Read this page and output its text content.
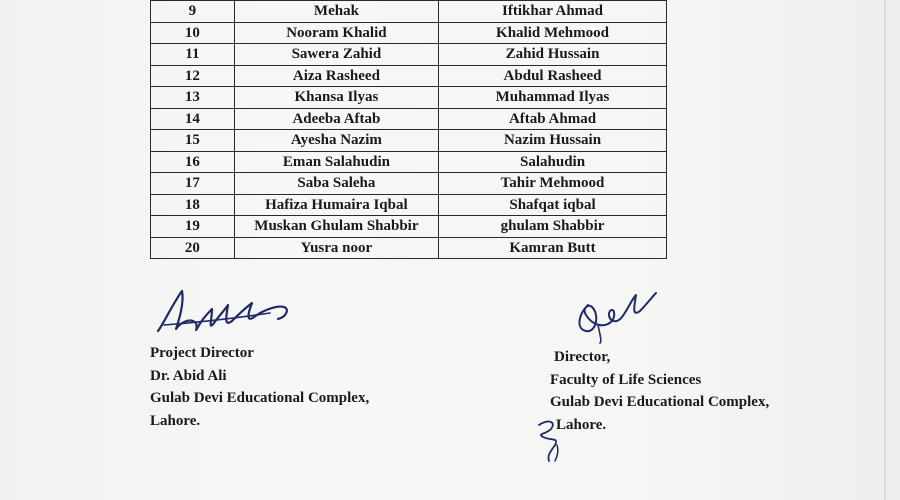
9	Mehak	Iftikhar Ahmad
10	Nooram Khalid	Khalid Mehmood
11	Sawera Zahid	Zahid Hussain
12	Aiza Rasheed	Abdul Rasheed
13	Khansa Ilyas	Muhammad Ilyas
14	Adeeba Aftab	Aftab Ahmad
15	Ayesha Nazim	Nazim Hussain
16	Eman Salahudin	Salahudin
17	Saba Saleha	Tahir Mehmood
18	Hafiza Humaira Iqbal	Shafqat iqbal
19	Muskan Ghulam Shabbir	ghulam Shabbir
20	Yusra noor	Kamran Butt
Project Director
Dr. Abid Ali
Gulab Devi Educational Complex,
Lahore.
Director,
Faculty of Life Sciences
Gulab Devi Educational Complex,
Lahore.
